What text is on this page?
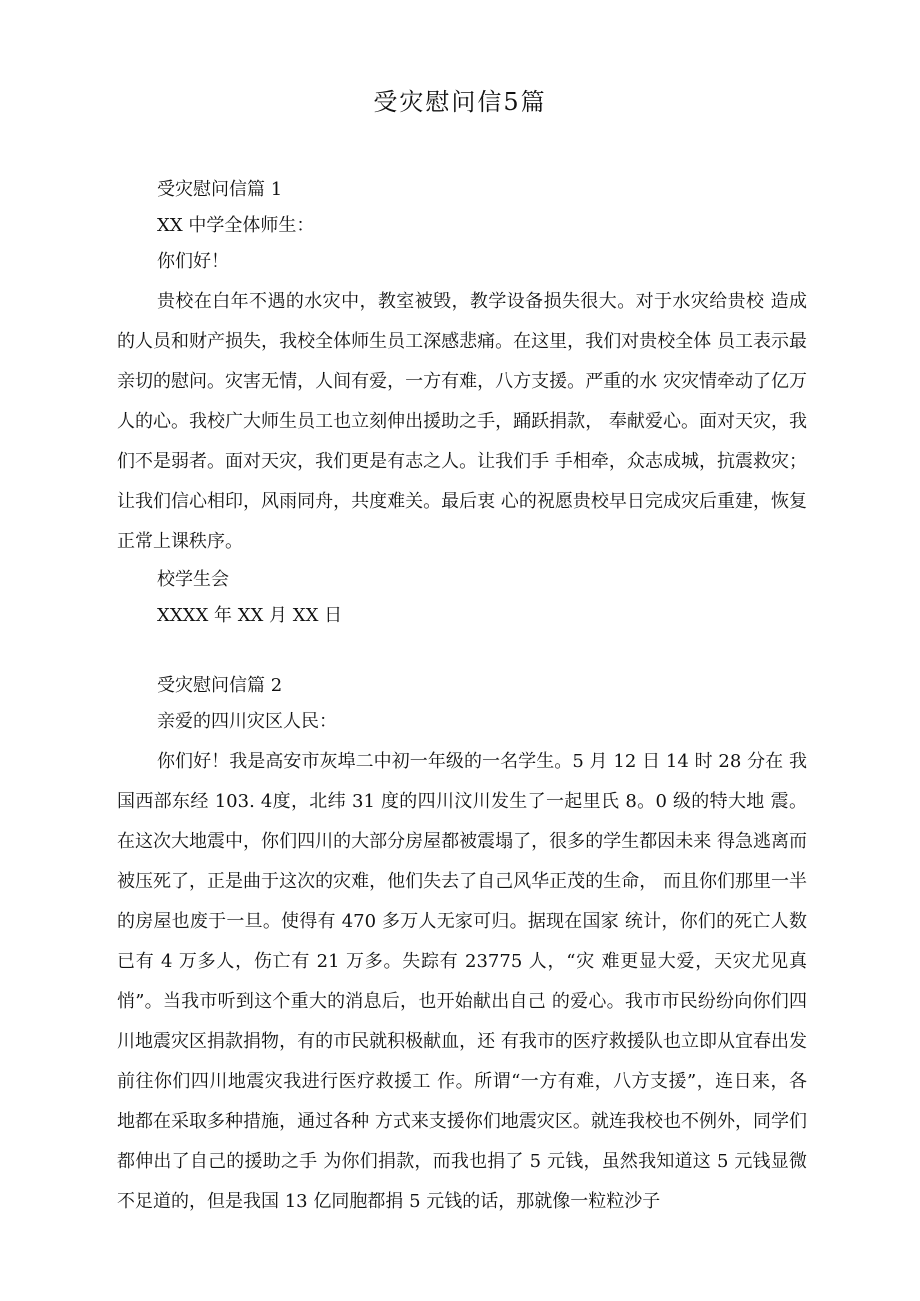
受灾慰问信5篇
受灾慰问信篇 1
XX 中学全体师生：
你们好！

贵校在白年不遇的水灾中，教室被毁，教学设备损失很大。对于水灾给贵校 造成的人员和财产损失，我校全体师生员工深感悲痛。在这里，我们对贵校全体 员工表示最亲切的慰问。灾害无情，人间有爱，一方有难，八方支援。严重的水 灾灾情牵动了亿万人的心。我校广大师生员工也立刻伸出援助之手，踊跃捐款， 奉献爱心。面对天灾，我们不是弱者。面对天灾，我们更是有志之人。让我们手 手相牵，众志成城，抗震救灾；让我们信心相印，风雨同舟，共度难关。最后衷 心的祝愿贵校早日完成灾后重建，恢复正常上课秩序。

校学生会
XXXX 年 XX 月 XX 日
受灾慰问信篇 2
亲爱的四川灾区人民：

你们好！我是高安市灰埠二中初一年级的一名学生。5 月 12 日 14 时 28 分在 我国西部东经 103. 4度，北纬 31 度的四川汶川发生了一起里氏 8。0 级的特大地 震。在这次大地震中，你们四川的大部分房屋都被震塌了，很多的学生都因未来 得急逃离而被压死了，正是曲于这次的灾难，他们失去了自己风华正茂的生命， 而且你们那里一半的房屋也废于一旦。使得有 470 多万人无家可归。据现在国家 统计，你们的死亡人数已有 4 万多人，伤亡有 21 万多。失踪有 23775 人，“灾 难更显大爱，天灾尤见真悄”。当我市听到这个重大的消息后，也开始献出自己 的爱心。我市市民纷纷向你们四川地震灾区捐款捐物，有的市民就积极献血，还 有我市的医疗救援队也立即从宜春出发前往你们四川地震灾我进行医疗救援工 作。所谓“一方有难，八方支援”，连日来，各地都在采取多种措施，通过各种 方式来支援你们地震灾区。就连我校也不例外，同学们都伸出了自己的援助之手 为你们捐款，而我也捐了 5 元钱，虽然我知道这 5 元钱显微不足道的，但是我国 13 亿同胞都捐 5 元钱的话，那就像一粒粒沙子
